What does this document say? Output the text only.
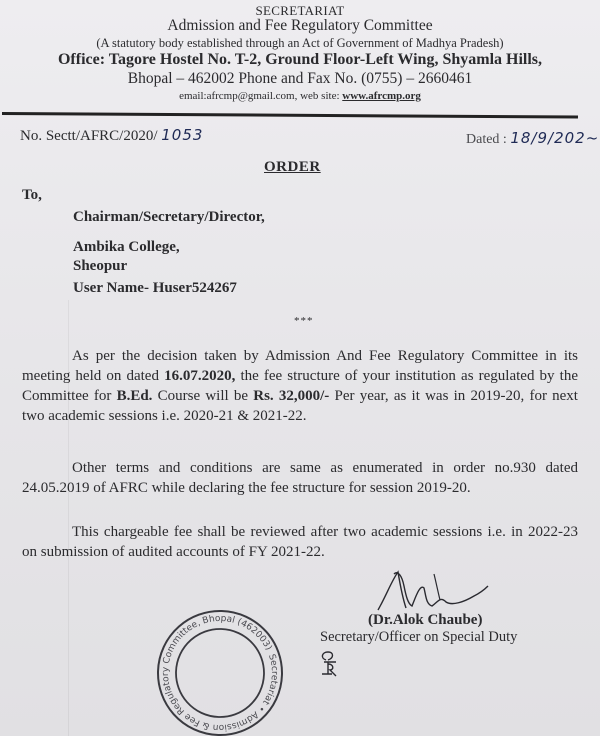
SECRETARIAT
Admission and Fee Regulatory Committee
(A statutory body established through an Act of Government of Madhya Pradesh)
Office: Tagore Hostel No. T-2, Ground Floor-Left Wing, Shyamla Hills,
Bhopal – 462002 Phone and Fax No. (0755) – 2660461
email:afrcmp@gmail.com, web site: www.afrcmp.org
No. Sectt/AFRC/2020/ 1053	Dated : 18/9/202~
ORDER
To,
Chairman/Secretary/Director,
Ambika College,
Sheopur
User Name- Huser524267
***
As per the decision taken by Admission And Fee Regulatory Committee in its meeting held on dated 16.07.2020, the fee structure of your institution as regulated by the Committee for B.Ed. Course will be Rs. 32,000/- Per year, as it was in 2019-20, for next two academic sessions i.e. 2020-21 & 2021-22.
Other terms and conditions are same as enumerated in order no.930 dated 24.05.2019 of AFRC while declaring the fee structure for session 2019-20.
This chargeable fee shall be reviewed after two academic sessions i.e. in 2022-23 on submission of audited accounts of FY 2021-22.
(Dr.Alok Chaube)
Secretary/Officer on Special Duty
Secretariat • Admission & Fee Regulatory Committee, Bhopal (462003)
